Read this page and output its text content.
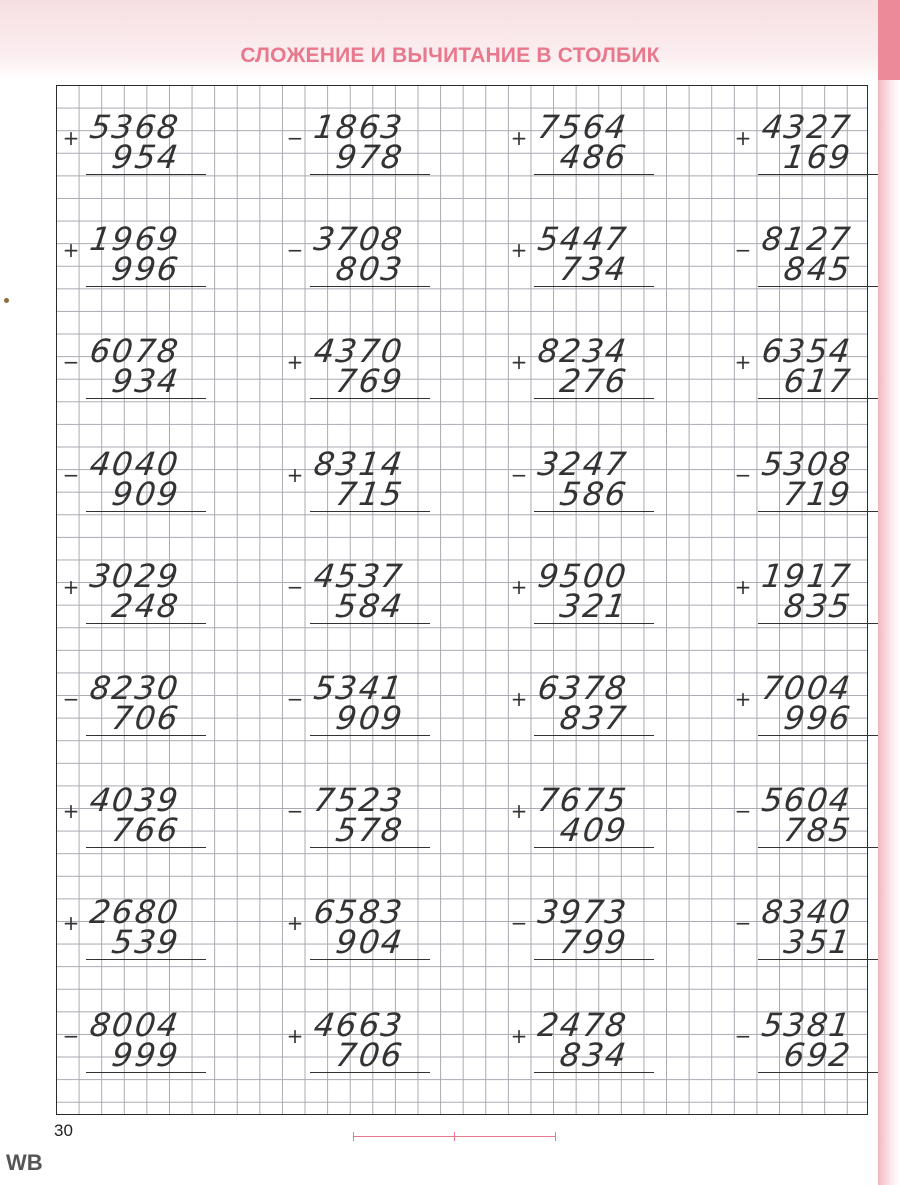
СЛОЖЕНИЕ И ВЫЧИТАНИЕ В СТОЛБИК
+ 5
3
6
8
9
5
4	− 1
8
6
3
9
7
8	+ 7
5
6
4
4
8
6	+ 4
3
2
7
1
6
9
+ 1
9
6
9
9
9
6	− 3
7
0
8
8
0
3	+ 5
4
4
7
7
3
4	− 8
1
2
7
8
4
5
− 6
0
7
8
9
3
4	+ 4
3
7
0
7
6
9	+ 8
2
3
4
2
7
6	+ 6
3
5
4
6
1
7
− 4
0
4
0
9
0
9	+ 8
3
1
4
7
1
5	− 3
2
4
7
5
8
6	− 5
3
0
8
7
1
9
+ 3
0
2
9
2
4
8	− 4
5
3
7
5
8
4	+ 9
5
0
0
3
2
1	+ 1
9
1
7
8
3
5
− 8
2
3
0
7
0
6	− 5
3
4
1
9
0
9	+ 6
3
7
8
8
3
7	+ 7
0
0
4
9
9
6
+ 4
0
3
9
7
6
6	− 7
5
2
3
5
7
8	+ 7
6
7
5
4
0
9	− 5
6
0
4
7
8
5
+ 2
6
8
0
5
3
9	+ 6
5
8
3
9
0
4	− 3
9
7
3
7
9
9	− 8
3
4
0
3
5
1
− 8
0
0
4
9
9
9	+ 4
6
6
3
7
0
6	+ 2
4
7
8
8
3
4	− 5
3
8
1
6
9
2
30
WB
